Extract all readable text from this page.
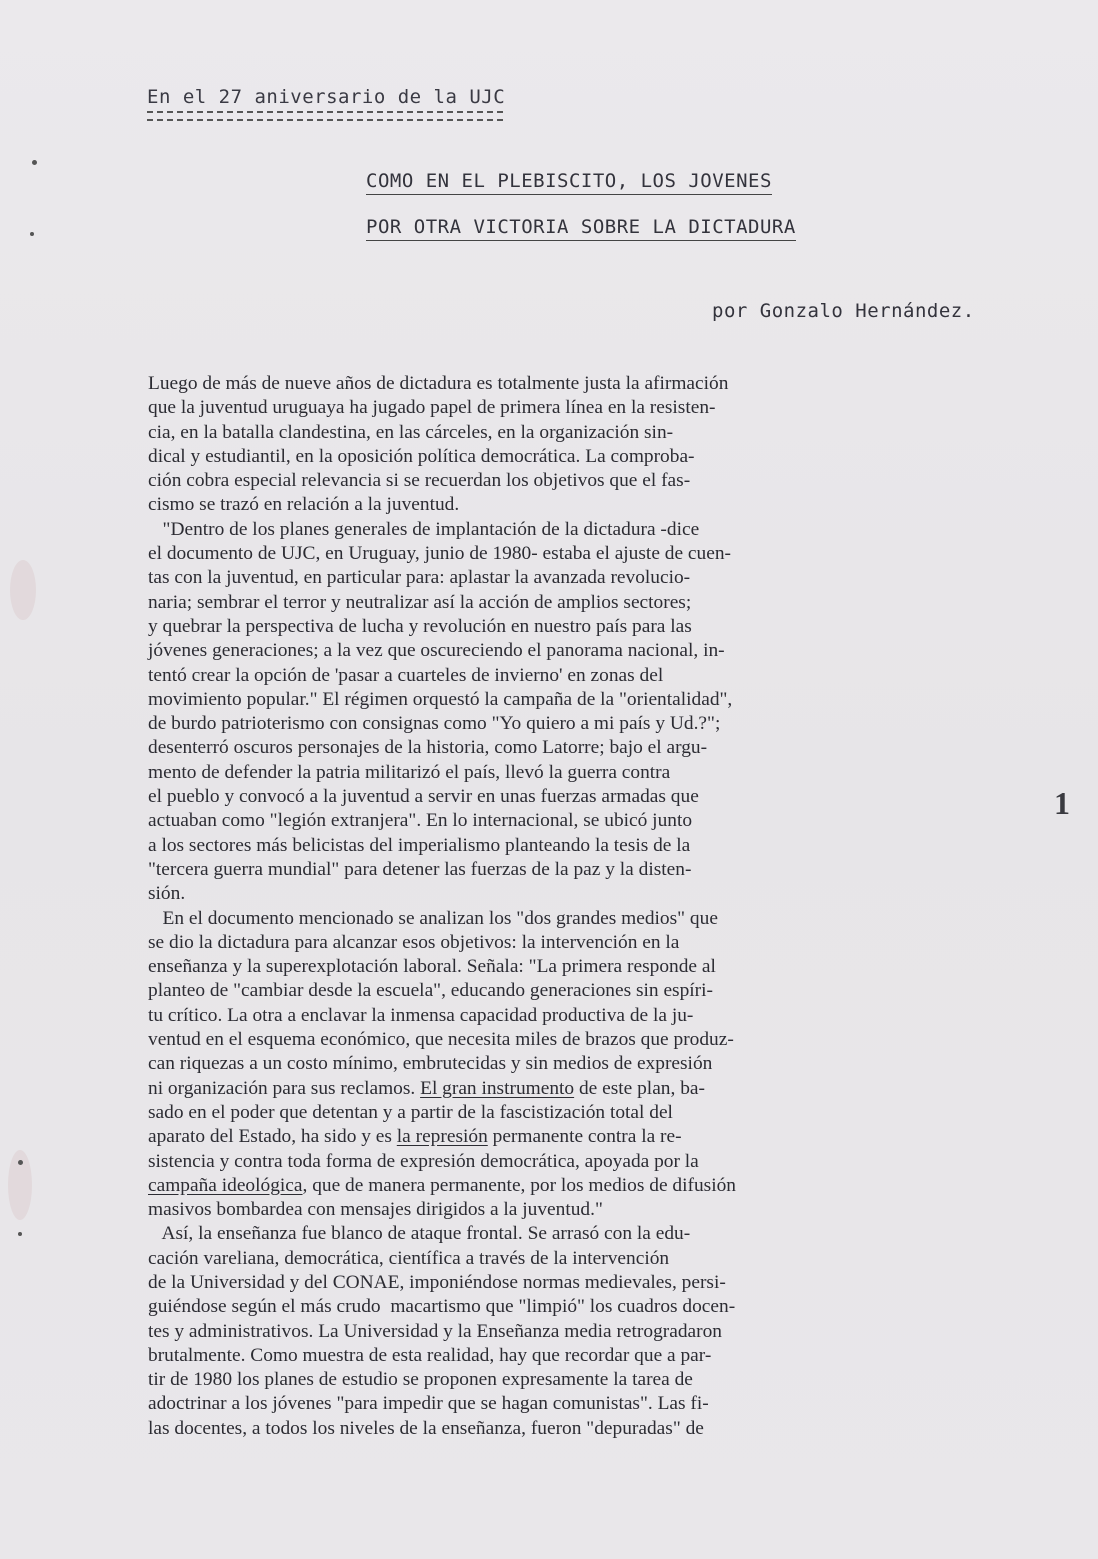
En el 27 aniversario de la UJC
COMO EN EL PLEBISCITO, LOS JOVENES
POR OTRA VICTORIA SOBRE LA DICTADURA
por Gonzalo Hernández.
Luego de más de nueve años de dictadura es totalmente justa la afirmación
que la juventud uruguaya ha jugado papel de primera línea en la resisten-
cia, en la batalla clandestina, en las cárceles, en la organización sin-
dical y estudiantil, en la oposición política democrática. La comproba-
ción cobra especial relevancia si se recuerdan los objetivos que el fas-
cismo se trazó en relación a la juventud.
"Dentro de los planes generales de implantación de la dictadura -dice
el documento de UJC, en Uruguay, junio de 1980- estaba el ajuste de cuen-
tas con la juventud, en particular para: aplastar la avanzada revolucio-
naria; sembrar el terror y neutralizar así la acción de amplios sectores;
y quebrar la perspectiva de lucha y revolución en nuestro país para las
jóvenes generaciones; a la vez que oscureciendo el panorama nacional, in-
tentó crear la opción de 'pasar a cuarteles de invierno' en zonas del
movimiento popular." El régimen orquestó la campaña de la "orientalidad",
de burdo patrioterismo con consignas como "Yo quiero a mi país y Ud.?";
desenterró oscuros personajes de la historia, como Latorre; bajo el argu-
mento de defender la patria militarizó el país, llevó la guerra contra
el pueblo y convocó a la juventud a servir en unas fuerzas armadas que
actuaban como "legión extranjera". En lo internacional, se ubicó junto
a los sectores más belicistas del imperialismo planteando la tesis de la
"tercera guerra mundial" para detener las fuerzas de la paz y la disten-
sión.
En el documento mencionado se analizan los "dos grandes medios" que
se dio la dictadura para alcanzar esos objetivos: la intervención en la
enseñanza y la superexplotación laboral. Señala: "La primera responde al
planteo de "cambiar desde la escuela", educando generaciones sin espíri-
tu crítico. La otra a enclavar la inmensa capacidad productiva de la ju-
ventud en el esquema económico, que necesita miles de brazos que produz-
can riquezas a un costo mínimo, embrutecidas y sin medios de expresión
ni organización para sus reclamos. El gran instrumento de este plan, ba-
sado en el poder que detentan y a partir de la fascistización total del
aparato del Estado, ha sido y es la represión permanente contra la re-
sistencia y contra toda forma de expresión democrática, apoyada por la
campaña ideológica, que de manera permanente, por los medios de difusión
masivos bombardea con mensajes dirigidos a la juventud."
Así, la enseñanza fue blanco de ataque frontal. Se arrasó con la edu-
cación vareliana, democrática, científica a través de la intervención
de la Universidad y del CONAE, imponiéndose normas medievales, persi-
guiéndose según el más crudo  macartismo que "limpió" los cuadros docen-
tes y administrativos. La Universidad y la Enseñanza media retrogradaron
brutalmente. Como muestra de esta realidad, hay que recordar que a par-
tir de 1980 los planes de estudio se proponen expresamente la tarea de
adoctrinar a los jóvenes "para impedir que se hagan comunistas". Las fi-
las docentes, a todos los niveles de la enseñanza, fueron "depuradas" de
1
